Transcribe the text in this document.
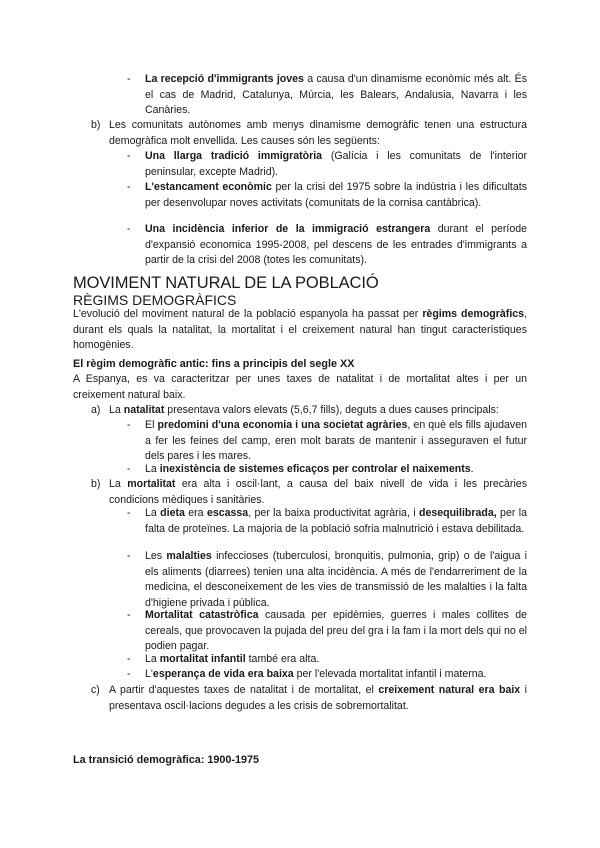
- La recepció d'immigrants joves a causa d'un dinamisme econòmic més alt. És el cas de Madrid, Catalunya, Múrcia, les Balears, Andalusia, Navarra i les Canàries.

b) Les comunitats autònomes amb menys dinamisme demogràfic tenen una estructura demogràfica molt envellida. Les causes són les següents:

- Una llarga tradició immigratòria (Galícia i les comunitats de l'interior peninsular, excepte Madrid).

- L'estancament econòmic per la crisi del 1975 sobre la indústria i les dificultats per desenvolupar noves activitats (comunitats de la cornisa cantàbrica).

- Una incidència inferior de la immigració estrangera durant el període d'expansió economica 1995-2008, pel descens de les entrades d'immigrants a partir de la crisi del 2008 (totes les comunitats).

MOVIMENT NATURAL DE LA POBLACIÓ
RÈGIMS DEMOGRÀFICS

L'evolució del moviment natural de la població espanyola ha passat per règims demogràfics, durant els quals la natalitat, la mortalitat i el creixement natural han tingut característiques homogènies.

El règim demogràfic antic: fins a principis del segle XX

A Espanya, es va caracteritzar per unes taxes de natalitat i de mortalitat altes i per un creixement natural baix.

a) La natalitat presentava valors elevats (5,6,7 fills), deguts a dues causes principals:

- El predomini d'una economia i una societat agràries, en què els fills ajudaven a fer les feines del camp, eren molt barats de mantenir i asseguraven el futur dels pares i les mares.

- La inexistència de sistemes eficaços per controlar el naixements.

b) La mortalitat era alta i oscil·lant, a causa del baix nivell de vida i les precàries condicions mèdiques i sanitàries.

- La dieta era escassa, per la baixa productivitat agrària, i desequilibrada, per la falta de proteïnes. La majoria de la població sofria malnutrició i estava debilitada.

- Les malalties infeccioses (tuberculosi, bronquitis, pulmonia, grip) o de l'aigua i els aliments (diarrees) tenien una alta incidència. A més de l'endarreriment de la medicina, el desconeixement de les vies de transmissió de les malalties i la falta d'higiene privada i pública.

- Mortalitat catastròfica causada per epidèmies, guerres i males collites de cereals, que provocaven la pujada del preu del gra i la fam i la mort dels qui no el podien pagar.

- La mortalitat infantil també era alta.

- L'esperança de vida era baixa per l'elevada mortalitat infantil i materna.

c) A partir d'aquestes taxes de natalitat i de mortalitat, el creixement natural era baix i presentava oscil·lacions degudes a les crisis de sobremortalitat.

La transició demogràfica: 1900-1975
